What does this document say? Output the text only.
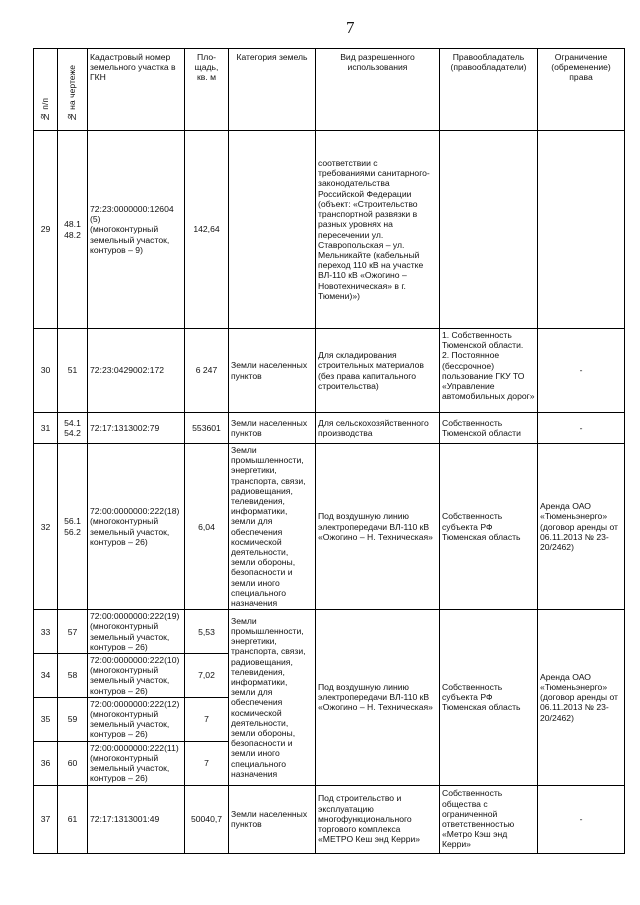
7
№ п/п	№ на чертеже	Кадастровый номер земельного участка в ГКН	Пло-
щадь,
кв. м	Категория земель	Вид разрешенного использования	Правообладатель (правообладатели)	Ограничение (обременение) права
29	48.1
48.2	72:23:0000000:12604 (5)
(многоконтурный земельный участок, контуров – 9)	142,64		соответствии с требованиями санитарного-законодательства Российской Федерации (объект: «Строительство транспортной развязки в разных уровнях на пересечении ул. Ставропольская – ул. Мельникайте (кабельный переход 110 кВ на участке ВЛ-110 кВ «Ожогино – Новотехническая» в г. Тюмени)»)		
30	51	72:23:0429002:172	6 247	Земли населенных пунктов	Для складирования строительных материалов (без права капитального строительства)	1. Собственность Тюменской области.
2. Постоянное (бессрочное) пользование ГКУ ТО «Управление автомобильных дорог»	-
31	54.1
54.2	72:17:1313002:79	553601	Земли населенных пунктов	Для сельскохозяйственного производства	Собственность Тюменской области	-
32	56.1
56.2	72:00:0000000:222(18)
(многоконтурный земельный участок, контуров – 26)	6,04	Земли промышленности, энергетики, транспорта, связи, радиовещания, телевидения, информатики, земли для обеспечения космической деятельности, земли обороны, безопасности и земли иного специального назначения	Под воздушную линию электропередачи ВЛ-110 кВ «Ожогино – Н. Техническая»	Собственность субъекта РФ Тюменская область	Аренда ОАО «Тюменьэнерго» (договор аренды от 06.11.2013 № 23-20/2462)
33	57	72:00:0000000:222(19)
(многоконтурный земельный участок, контуров – 26)	5,53	Земли промышленности, энергетики, транспорта, связи, радиовещания, телевидения, информатики, земли для обеспечения космической деятельности, земли обороны, безопасности и земли иного специального назначения	Под воздушную линию электропередачи ВЛ-110 кВ «Ожогино – Н. Техническая»	Собственность субъекта РФ Тюменская область	Аренда ОАО «Тюменьэнерго» (договор аренды от 06.11.2013 № 23-20/2462)
34	58	72:00:0000000:222(10)
(многоконтурный земельный участок, контуров – 26)	7,02				
35	59	72:00:0000000:222(12)
(многоконтурный земельный участок, контуров – 26)	7				
36	60	72:00:0000000:222(11)
(многоконтурный земельный участок, контуров – 26)	7				
37	61	72:17:1313001:49	50040,7	Земли населенных пунктов	Под строительство и эксплуатацию многофункционального торгового комплекса «МЕТРО Кеш энд Керри»	Собственность общества с ограниченной ответственностью «Метро Кэш энд Керри»	-
